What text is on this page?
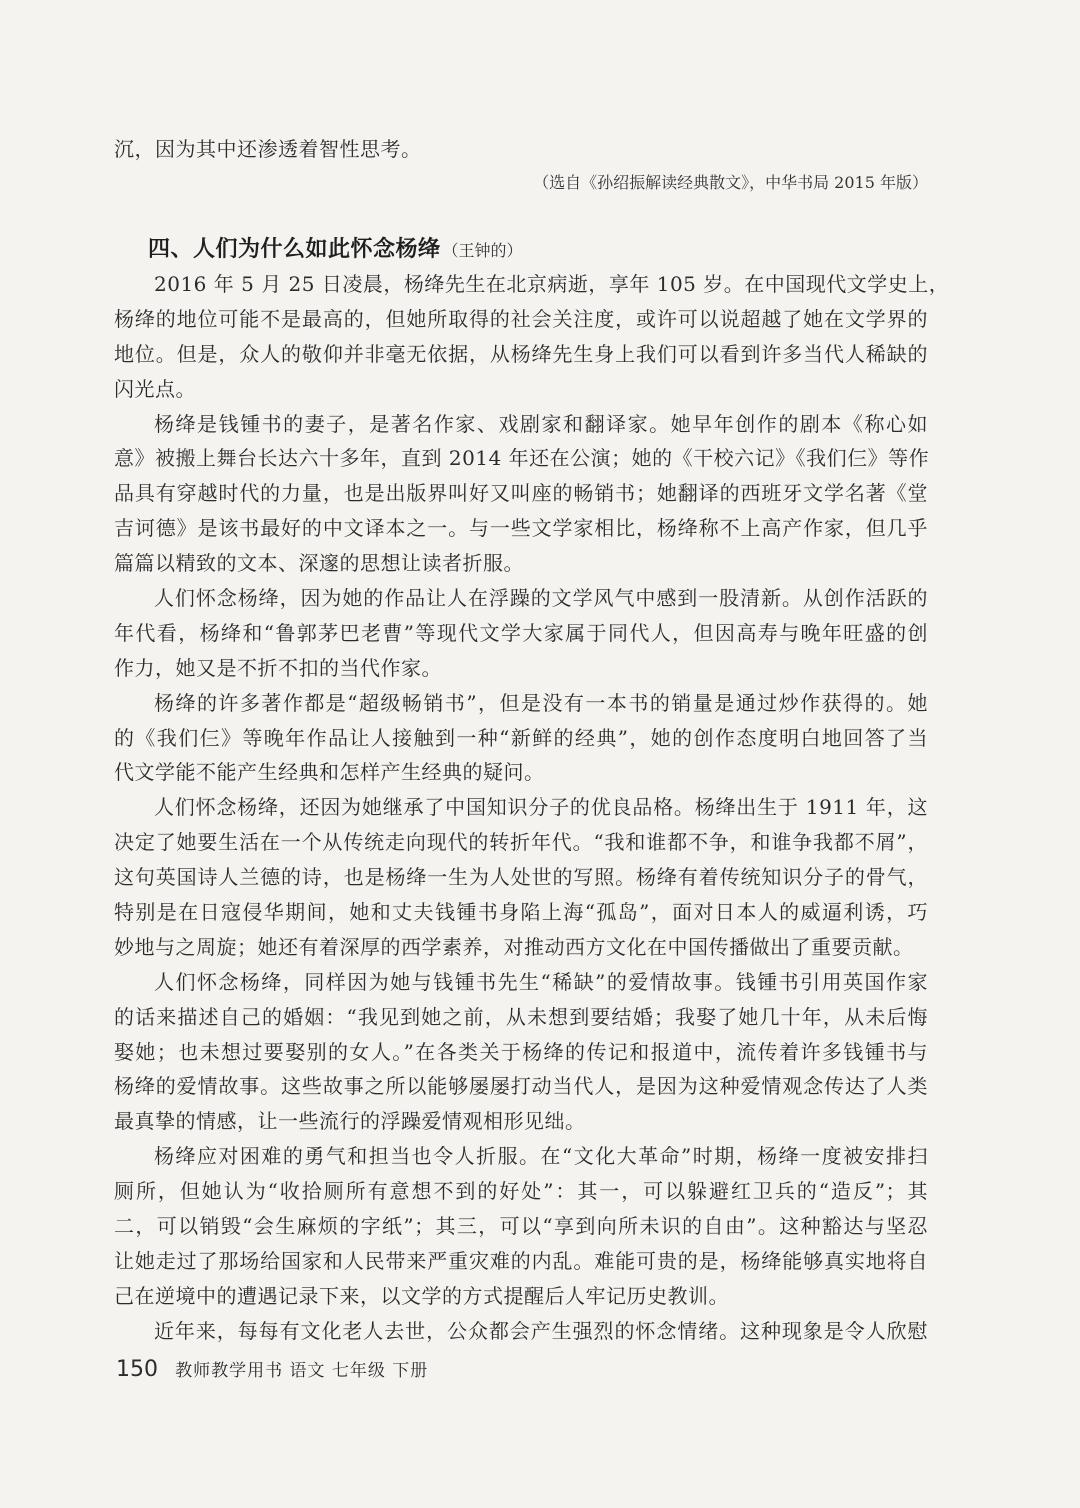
沉，因为其中还渗透着智性思考。
（选自《孙绍振解读经典散文》，中华书局 2015 年版）
四、人们为什么如此怀念杨绛 （王钟的）
2016 年 5 月 25 日凌晨，杨绛先生在北京病逝，享年 105 岁。在中国现代文学史上，
杨绛的地位可能不是最高的，但她所取得的社会关注度，或许可以说超越了她在文学界的
地位。但是，众人的敬仰并非毫无依据，从杨绛先生身上我们可以看到许多当代人稀缺的
闪光点。
杨绛是钱锺书的妻子，是著名作家、戏剧家和翻译家。她早年创作的剧本《称心如
意》被搬上舞台长达六十多年，直到 2014 年还在公演；她的《干校六记》《我们仨》等作
品具有穿越时代的力量，也是出版界叫好又叫座的畅销书；她翻译的西班牙文学名著《堂
吉诃德》是该书最好的中文译本之一。与一些文学家相比，杨绛称不上高产作家，但几乎
篇篇以精致的文本、深邃的思想让读者折服。
人们怀念杨绛，因为她的作品让人在浮躁的文学风气中感到一股清新。从创作活跃的
年代看，杨绛和“鲁郭茅巴老曹”等现代文学大家属于同代人，但因高寿与晚年旺盛的创
作力，她又是不折不扣的当代作家。
杨绛的许多著作都是“超级畅销书”，但是没有一本书的销量是通过炒作获得的。她
的《我们仨》等晚年作品让人接触到一种“新鲜的经典”，她的创作态度明白地回答了当
代文学能不能产生经典和怎样产生经典的疑问。
人们怀念杨绛，还因为她继承了中国知识分子的优良品格。杨绛出生于 1911 年，这
决定了她要生活在一个从传统走向现代的转折年代。“我和谁都不争，和谁争我都不屑”，
这句英国诗人兰德的诗，也是杨绛一生为人处世的写照。杨绛有着传统知识分子的骨气，
特别是在日寇侵华期间，她和丈夫钱锺书身陷上海“孤岛”，面对日本人的威逼利诱，巧
妙地与之周旋；她还有着深厚的西学素养，对推动西方文化在中国传播做出了重要贡献。
人们怀念杨绛，同样因为她与钱锺书先生“稀缺”的爱情故事。钱锺书引用英国作家
的话来描述自己的婚姻：“我见到她之前，从未想到要结婚；我娶了她几十年，从未后悔
娶她；也未想过要娶别的女人。”在各类关于杨绛的传记和报道中，流传着许多钱锺书与
杨绛的爱情故事。这些故事之所以能够屡屡打动当代人，是因为这种爱情观念传达了人类
最真挚的情感，让一些流行的浮躁爱情观相形见绌。
杨绛应对困难的勇气和担当也令人折服。在“文化大革命”时期，杨绛一度被安排扫
厕所，但她认为“收拾厕所有意想不到的好处”：其一，可以躲避红卫兵的“造反”；其
二，可以销毁“会生麻烦的字纸”；其三，可以“享到向所未识的自由”。这种豁达与坚忍
让她走过了那场给国家和人民带来严重灾难的内乱。难能可贵的是，杨绛能够真实地将自
己在逆境中的遭遇记录下来，以文学的方式提醒后人牢记历史教训。
近年来，每每有文化老人去世，公众都会产生强烈的怀念情绪。这种现象是令人欣慰
150 教师教学用书 语文 七年级 下册
